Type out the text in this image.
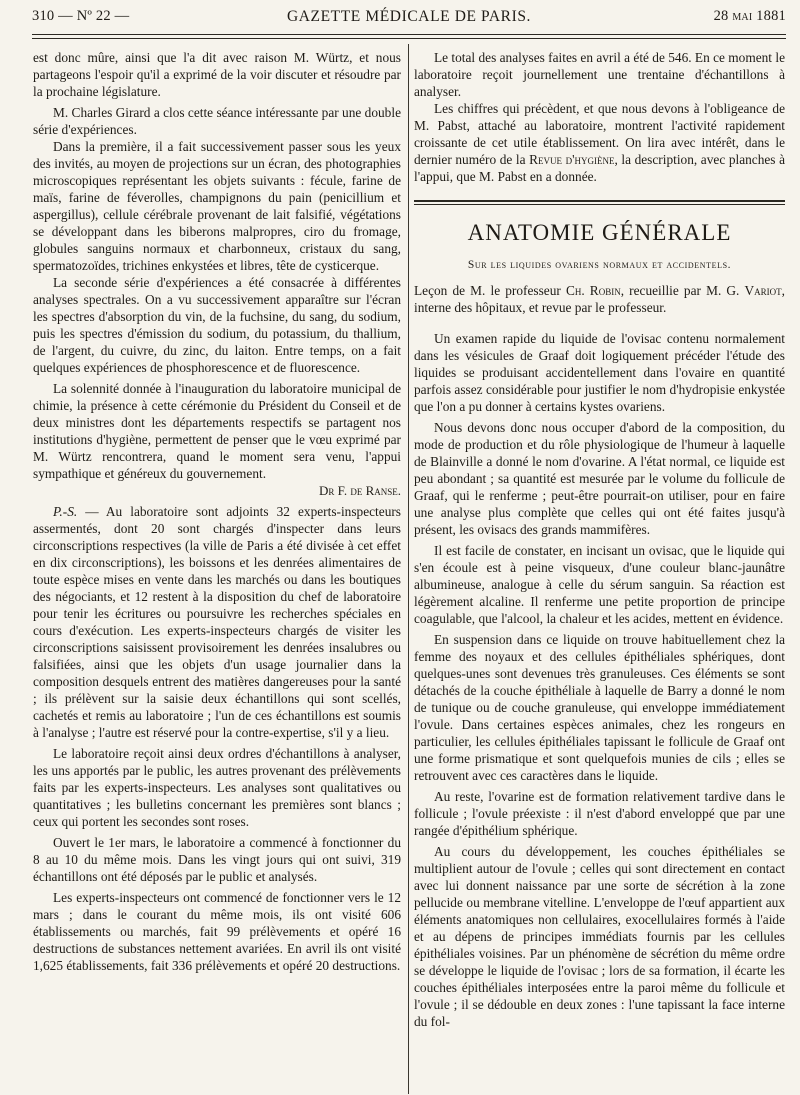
310 — Nº 22 —	GAZETTE MÉDICALE DE PARIS.	28 mai 1881

est donc mûre, ainsi que l'a dit avec raison M. Würtz, et nous partageons l'espoir qu'il a exprimé de la voir discuter et résoudre par la prochaine législature.

M. Charles Girard a clos cette séance intéressante par une double série d'expériences.

Dans la première, il a fait successivement passer sous les yeux des invités, au moyen de projections sur un écran, des photographies microscopiques représentant les objets suivants : fécule, farine de maïs, farine de féverolles, champignons du pain (penicillium et aspergillus), cellule cérébrale provenant de lait falsifié, végétations se développant dans les biberons malpropres, ciro du fromage, globules sanguins normaux et charbonneux, cristaux du sang, spermatozoïdes, trichines enkystées et libres, tête de cysticerque.

La seconde série d'expériences a été consacrée à différentes analyses spectrales. On a vu successivement apparaître sur l'écran les spectres d'absorption du vin, de la fuchsine, du sang, du sodium, puis les spectres d'émission du sodium, du potassium, du thallium, de l'argent, du cuivre, du zinc, du laiton. Entre temps, on a fait quelques expériences de phosphorescence et de fluorescence.

La solennité donnée à l'inauguration du laboratoire municipal de chimie, la présence à cette cérémonie du Président du Conseil et de deux ministres dont les départements respectifs se partagent nos institutions d'hygiène, permettent de penser que le vœu exprimé par M. Würtz rencontrera, quand le moment sera venu, l'appui sympathique et généreux du gouvernement.

Dr F. de Ranse.

P.-S. — Au laboratoire sont adjoints 32 experts-inspecteurs assermentés, dont 20 sont chargés d'inspecter dans leurs circonscriptions respectives (la ville de Paris a été divisée à cet effet en dix circonscriptions), les boissons et les denrées alimentaires de toute espèce mises en vente dans les marchés ou dans les boutiques des négociants, et 12 restent à la disposition du chef de laboratoire pour tenir les écritures ou poursuivre les recherches spéciales en cours d'exécution. Les experts-inspecteurs chargés de visiter les circonscriptions saisissent provisoirement les denrées insalubres ou falsifiées, ainsi que les objets d'un usage journalier dans la composition desquels entrent des matières dangereuses pour la santé ; ils prélèvent sur la saisie deux échantillons qui sont scellés, cachetés et remis au laboratoire ; l'un de ces échantillons est soumis à l'analyse ; l'autre est réservé pour la contre-expertise, s'il y a lieu.

Le laboratoire reçoit ainsi deux ordres d'échantillons à analyser, les uns apportés par le public, les autres provenant des prélèvements faits par les experts-inspecteurs. Les analyses sont qualitatives ou quantitatives ; les bulletins concernant les premières sont blancs ; ceux qui portent les secondes sont roses.

Ouvert le 1er mars, le laboratoire a commencé à fonctionner du 8 au 10 du même mois. Dans les vingt jours qui ont suivi, 319 échantillons ont été déposés par le public et analysés.

Les experts-inspecteurs ont commencé de fonctionner vers le 12 mars ; dans le courant du même mois, ils ont visité 606 établissements ou marchés, fait 99 prélèvements et opéré 16 destructions de substances nettement avariées. En avril ils ont visité 1,625 établissements, fait 336 prélèvements et opéré 20 destructions.

Le total des analyses faites en avril a été de 546. En ce moment le laboratoire reçoit journellement une trentaine d'échantillons à analyser.

Les chiffres qui précèdent, et que nous devons à l'obligeance de M. Pabst, attaché au laboratoire, montrent l'activité rapidement croissante de cet utile établissement. On lira avec intérêt, dans le dernier numéro de la Revue d'hygiène, la description, avec planches à l'appui, que M. Pabst en a donnée.

ANATOMIE GÉNÉRALE
Sur les liquides ovariens normaux et accidentels.

Leçon de M. le professeur Ch. Robin, recueillie par M. G. Variot, interne des hôpitaux, et revue par le professeur.

Un examen rapide du liquide de l'ovisac contenu normalement dans les vésicules de Graaf doit logiquement précéder l'étude des liquides se produisant accidentellement dans l'ovaire en quantité parfois assez considérable pour justifier le nom d'hydropisie enkystée que l'on a pu donner à certains kystes ovariens.

Nous devons donc nous occuper d'abord de la composition, du mode de production et du rôle physiologique de l'humeur à laquelle de Blainville a donné le nom d'ovarine. A l'état normal, ce liquide est peu abondant ; sa quantité est mesurée par le volume du follicule de Graaf, qui le renferme ; peut-être pourrait-on utiliser, pour en faire une analyse plus complète que celles qui ont été faites jusqu'à présent, les ovisacs des grands mammifères.

Il est facile de constater, en incisant un ovisac, que le liquide qui s'en écoule est à peine visqueux, d'une couleur blanc-jaunâtre albumineuse, analogue à celle du sérum sanguin. Sa réaction est légèrement alcaline. Il renferme une petite proportion de principe coagulable, que l'alcool, la chaleur et les acides, mettent en évidence.

En suspension dans ce liquide on trouve habituellement chez la femme des noyaux et des cellules épithéliales sphériques, dont quelques-unes sont devenues très granuleuses. Ces éléments se sont détachés de la couche épithéliale à laquelle de Barry a donné le nom de tunique ou de couche granuleuse, qui enveloppe immédiatement l'ovule. Dans certaines espèces animales, chez les rongeurs en particulier, les cellules épithéliales tapissant le follicule de Graaf ont une forme prismatique et sont quelquefois munies de cils ; elles se retrouvent avec ces caractères dans le liquide.

Au reste, l'ovarine est de formation relativement tardive dans le follicule ; l'ovule préexiste : il n'est d'abord enveloppé que par une rangée d'épithélium sphérique.

Au cours du développement, les couches épithéliales se multiplient autour de l'ovule ; celles qui sont directement en contact avec lui donnent naissance par une sorte de sécrétion à la zone pellucide ou membrane vitelline. L'enveloppe de l'œuf appartient aux éléments anatomiques non cellulaires, exocellulaires formés à l'aide et au dépens de principes immédiats fournis par les cellules épithéliales voisines. Par un phénomène de sécrétion du même ordre se développe le liquide de l'ovisac ; lors de sa formation, il écarte les couches épithéliales interposées entre la paroi même du follicule et l'ovule ; il se dédouble en deux zones : l'une tapissant la face interne du fol-
